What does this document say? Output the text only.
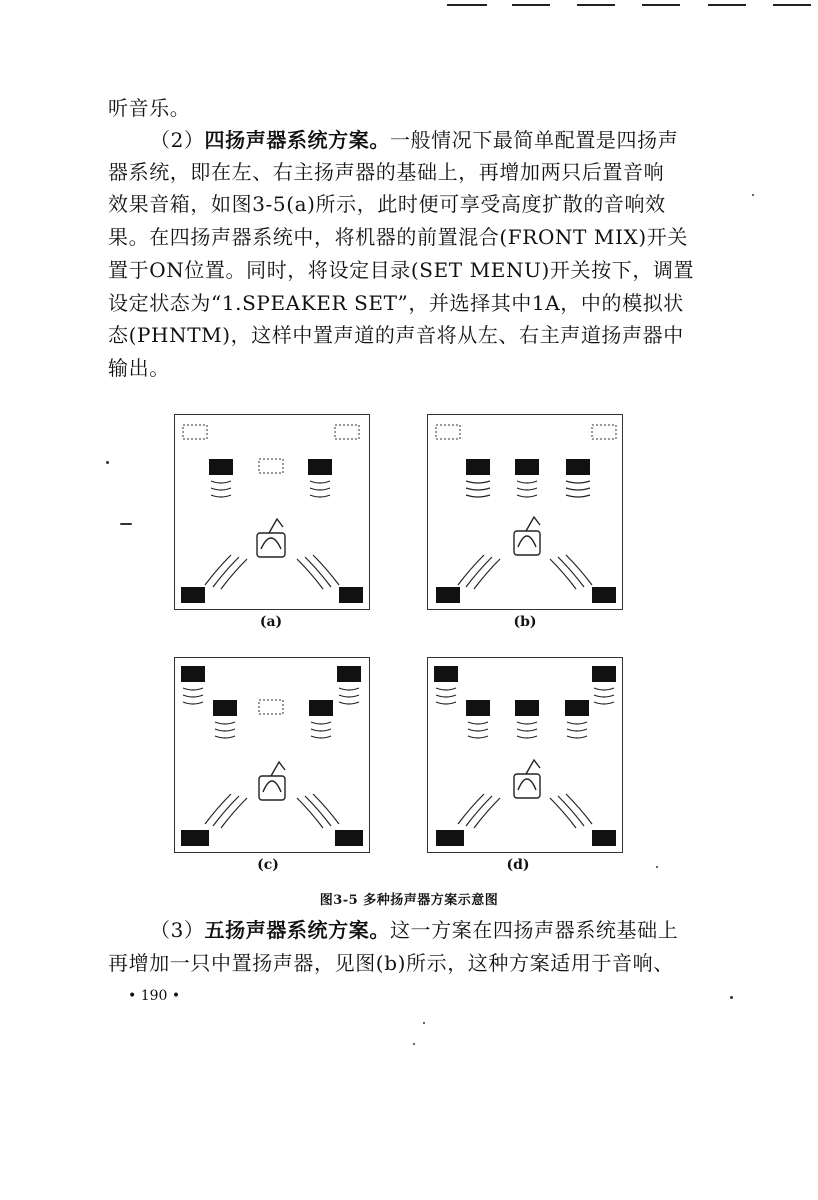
听音乐。
（2）四扬声器系统方案。一般情况下最简单配置是四扬声
器系统，即在左、右主扬声器的基础上，再增加两只后置音响
效果音箱，如图3-5(a)所示，此时便可享受高度扩散的音响效
果。在四扬声器系统中，将机器的前置混合(FRONT MIX)开关
置于ON位置。同时，将设定目录(SET MENU)开关按下，调置
设定状态为“1.SPEAKER SET”，并选择其中1A，中的模拟状
态(PHNTM)，这样中置声道的声音将从左、右主声道扬声器中
输出。
(a)	(b)
(c)	(d)
图3-5 多种扬声器方案示意图
（3）五扬声器系统方案。这一方案在四扬声器系统基础上
再增加一只中置扬声器，见图(b)所示，这种方案适用于音响、
• 190 •
